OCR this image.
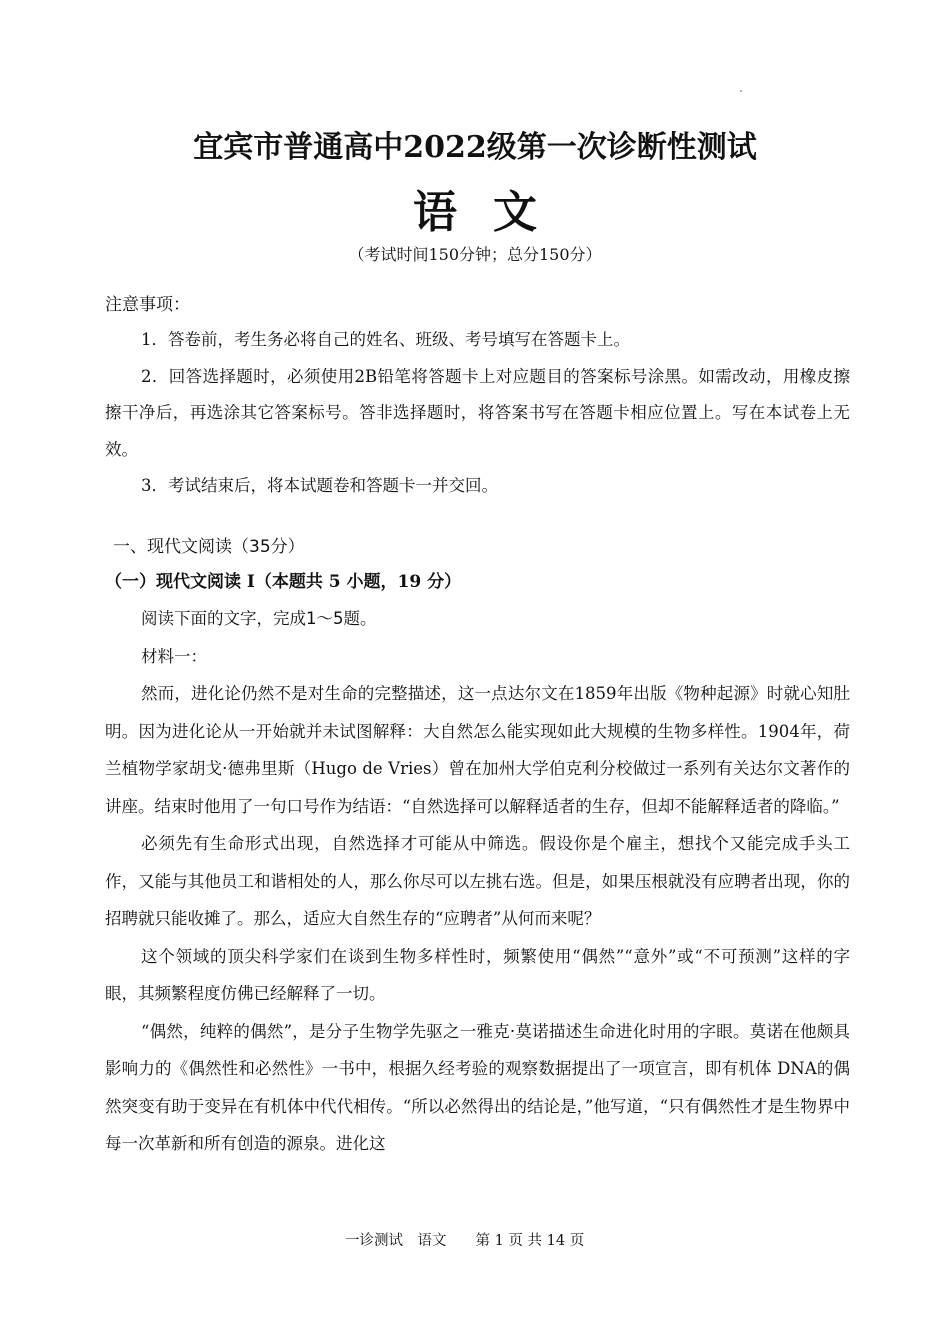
宜宾市普通高中2022级第一次诊断性测试
语文
（考试时间150分钟；总分150分）
注意事项：

1．答卷前，考生务必将自己的姓名、班级、考号填写在答题卡上。

2．回答选择题时，必须使用2B铅笔将答题卡上对应题目的答案标号涂黑。如需改动，用橡皮擦擦干净后，再选涂其它答案标号。答非选择题时，将答案书写在答题卡相应位置上。写在本试卷上无效。

3．考试结束后，将本试题卷和答题卡一并交回。

一、现代文阅读（35分）
（一）现代文阅读 I（本题共 5 小题，19 分）

阅读下面的文字，完成1～5题。

材料一：

然而，进化论仍然不是对生命的完整描述，这一点达尔文在1859年出版《物种起源》时就心知肚明。因为进化论从一开始就并未试图解释：大自然怎么能实现如此大规模的生物多样性。1904年，荷兰植物学家胡戈·德弗里斯（Hugo de Vries）曾在加州大学伯克利分校做过一系列有关达尔文著作的讲座。结束时他用了一句口号作为结语：“自然选择可以解释适者的生存，但却不能解释适者的降临。”

必须先有生命形式出现，自然选择才可能从中筛选。假设你是个雇主，想找个又能完成手头工作，又能与其他员工和谐相处的人，那么你尽可以左挑右选。但是，如果压根就没有应聘者出现，你的招聘就只能收摊了。那么，适应大自然生存的“应聘者”从何而来呢？

这个领域的顶尖科学家们在谈到生物多样性时，频繁使用“偶然”“意外”或“不可预测”这样的字眼，其频繁程度仿佛已经解释了一切。

“偶然，纯粹的偶然”，是分子生物学先驱之一雅克·莫诺描述生命进化时用的字眼。莫诺在他颇具影响力的《偶然性和必然性》一书中，根据久经考验的观察数据提出了一项宣言，即有机体 DNA的偶然突变有助于变异在有机体中代代相传。“所以必然得出的结论是，”他写道，“只有偶然性才是生物界中每一次革新和所有创造的源泉。进化这

一诊测试　语文　　第 1 页 共 14 页
